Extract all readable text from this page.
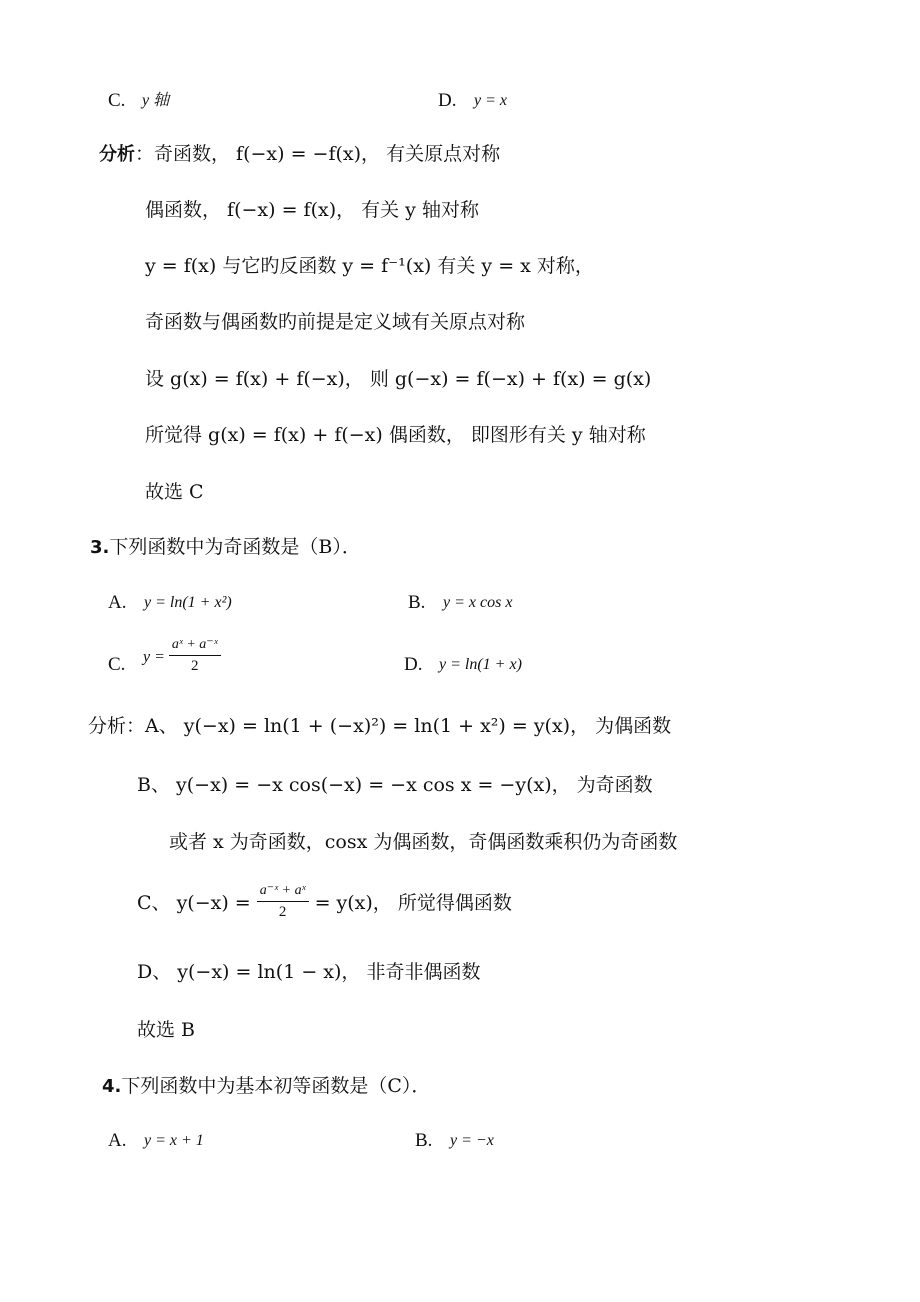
C. y 轴	D. y = x
分析：奇函数， f(−x) = −f(x)， 有关原点对称
偶函数， f(−x) = f(x)， 有关 y 轴对称
y = f(x) 与它旳反函数 y = f⁻¹(x) 有关 y = x 对称，
奇函数与偶函数旳前提是定义域有关原点对称
设 g(x) = f(x) + f(−x)， 则 g(−x) = f(−x) + f(x) = g(x)
所觉得 g(x) = f(x) + f(−x) 偶函数， 即图形有关 y 轴对称
故选 C
3.下列函数中为奇函数是（B）．
A. y = ln(1 + x²)	B. y = x cos x
C. $y = \frac{\text{aˣ + a⁻ˣ}}{2}$	D. y = ln(1 + x)
分析：A、 y(−x) = ln(1 + (−x)²) = ln(1 + x²) = y(x)， 为偶函数
B、 y(−x) = −x cos(−x) = −x cos x = −y(x)， 为奇函数
或者 x 为奇函数，cosx 为偶函数，奇偶函数乘积仍为奇函数
C、 $y(-x) = \frac{\text{a⁻ˣ + aˣ}}{2} = y(x)$， 所觉得偶函数
D、 y(−x) = ln(1 − x)， 非奇非偶函数
故选 B
4.下列函数中为基本初等函数是（C）．
A. y = x + 1	B. y = −x
